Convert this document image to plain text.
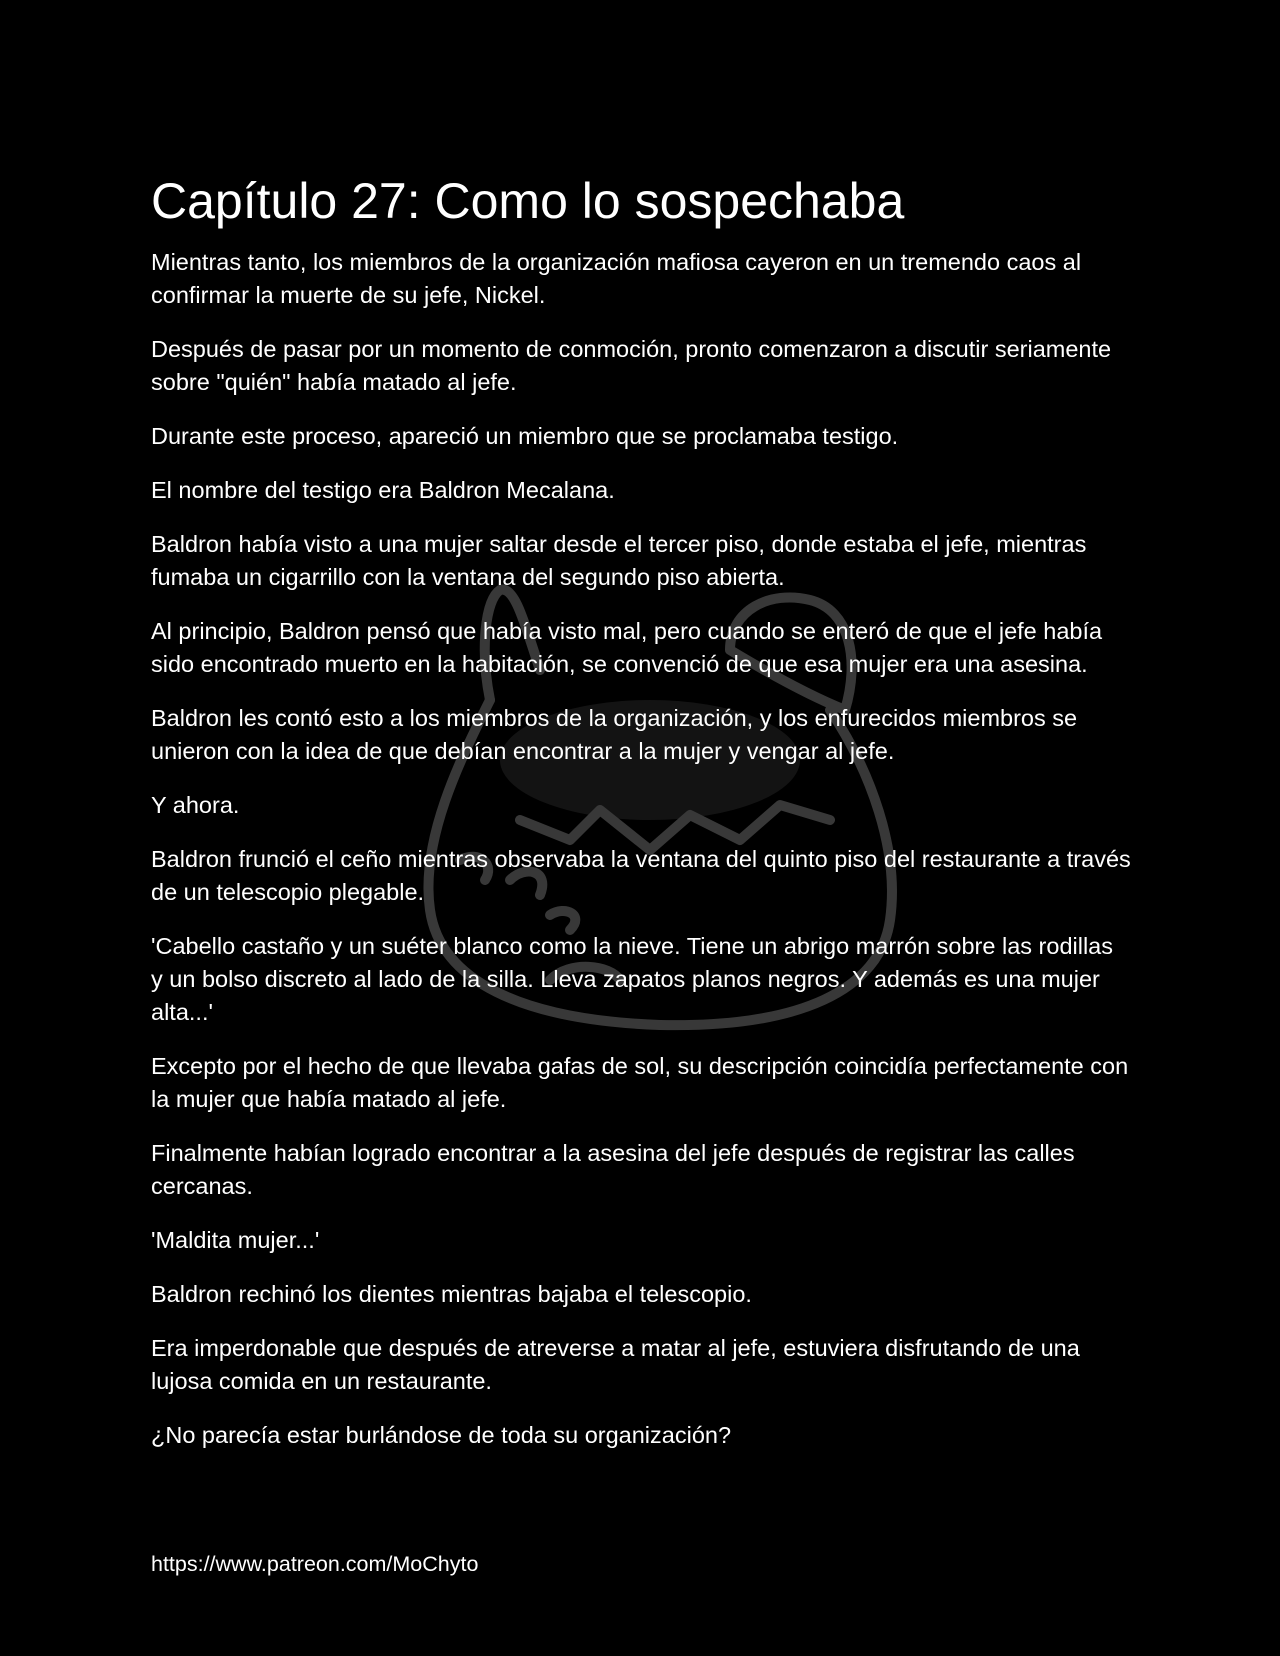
Capítulo 27: Como lo sospechaba

Mientras tanto, los miembros de la organización mafiosa cayeron en un tremendo caos al confirmar la muerte de su jefe, Nickel.

Después de pasar por un momento de conmoción, pronto comenzaron a discutir seriamente sobre "quién" había matado al jefe.

Durante este proceso, apareció un miembro que se proclamaba testigo.

El nombre del testigo era Baldron Mecalana.

Baldron había visto a una mujer saltar desde el tercer piso, donde estaba el jefe, mientras fumaba un cigarrillo con la ventana del segundo piso abierta.

Al principio, Baldron pensó que había visto mal, pero cuando se enteró de que el jefe había sido encontrado muerto en la habitación, se convenció de que esa mujer era una asesina.

Baldron les contó esto a los miembros de la organización, y los enfurecidos miembros se unieron con la idea de que debían encontrar a la mujer y vengar al jefe.

Y ahora.

Baldron frunció el ceño mientras observaba la ventana del quinto piso del restaurante a través de un telescopio plegable.

'Cabello castaño y un suéter blanco como la nieve. Tiene un abrigo marrón sobre las rodillas y un bolso discreto al lado de la silla. Lleva zapatos planos negros. Y además es una mujer alta...'

Excepto por el hecho de que llevaba gafas de sol, su descripción coincidía perfectamente con la mujer que había matado al jefe.

Finalmente habían logrado encontrar a la asesina del jefe después de registrar las calles cercanas.

'Maldita mujer...'

Baldron rechinó los dientes mientras bajaba el telescopio.

Era imperdonable que después de atreverse a matar al jefe, estuviera disfrutando de una lujosa comida en un restaurante.

¿No parecía estar burlándose de toda su organización?

https://www.patreon.com/MoChyto
